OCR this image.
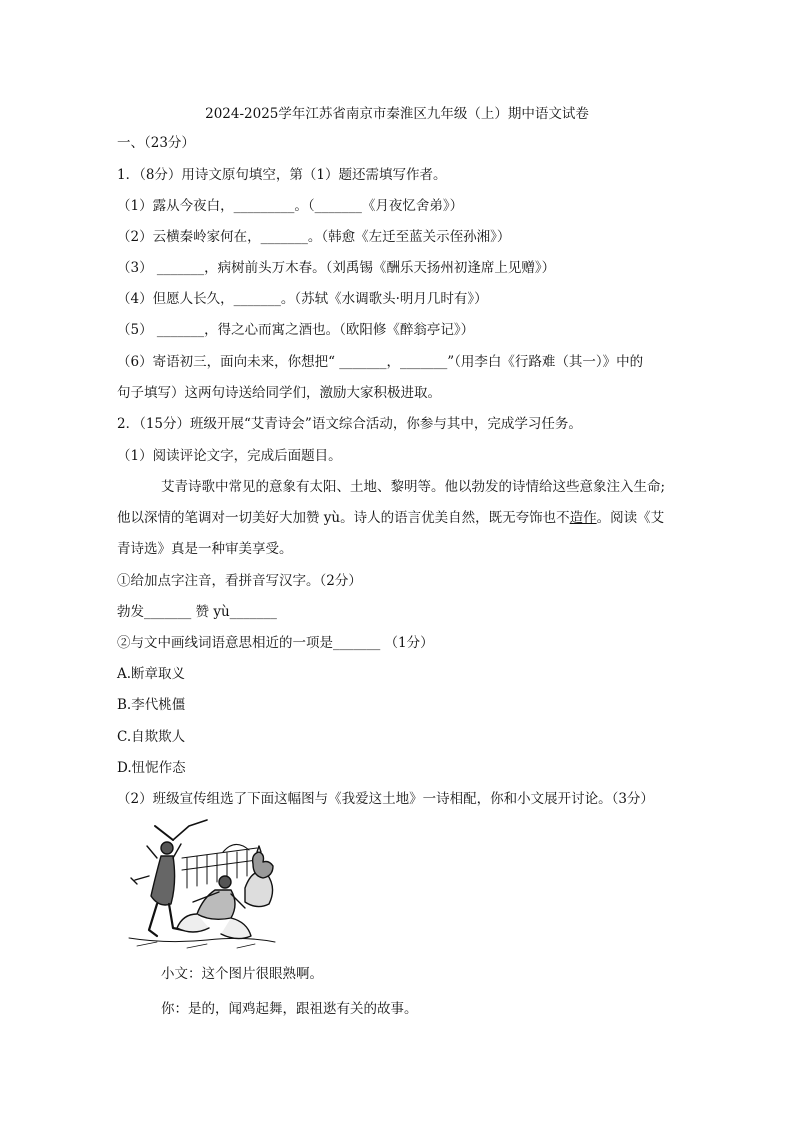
2024-2025学年江苏省南京市秦淮区九年级（上）期中语文试卷
一、（23分）
1．（8分）用诗文原句填空，第（1）题还需填写作者。
（1）露从今夜白，_________。（_______《月夜忆舍弟》）
（2）云横秦岭家何在，_______。（韩愈《左迁至蓝关示侄孙湘》）
（3） _______，病树前头万木春。（刘禹锡《酬乐天扬州初逢席上见赠》）
（4）但愿人长久，_______。（苏轼《水调歌头·明月几时有》）
（5） _______，得之心而寓之酒也。（欧阳修《醉翁亭记》）
（6）寄语初三，面向未来，你想把“ _______，_______”（用李白《行路难（其一）》中的
句子填写）这两句诗送给同学们，激励大家积极进取。
2．（15分）班级开展“艾青诗会”语文综合活动，你参与其中，完成学习任务。
（1）阅读评论文字，完成后面题目。
艾青诗歌中常见的意象有太阳、土地、黎明等。他以勃发的诗情给这些意象注入生命;
他以深情的笔调对一切美好大加赞 yù。诗人的语言优美自然，既无夸饰也不造作。阅读《艾
青诗选》真是一种审美享受。
①给加点字注音，看拼音写汉字。（2分）
勃发_______ 赞 yù_______
②与文中画线词语意思相近的一项是_______ （1分）
A.断章取义
B.李代桃僵
C.自欺欺人
D.忸怩作态
（2）班级宣传组选了下面这幅图与《我爱这土地》一诗相配，你和小文展开讨论。（3分）
小文：这个图片很眼熟啊。
你：是的，闻鸡起舞，跟祖逖有关的故事。
